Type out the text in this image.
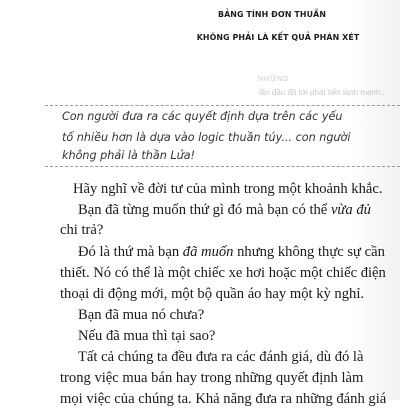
BẢNG TÍNH ĐƠN THUẦN
KHÔNG PHẢI LÀ KẾT QUẢ PHÁN XÉT
NHỮNG
lần đầu đã tới phát tiến lành mạnh...
Con người đưa ra các quyết định dựa trên các yếu
tố nhiều hơn là dựa vào logic thuần túy... con người
không phải là thần Lửa!
Hãy nghĩ về đời tư của mình trong một khoảnh khắc.
Bạn đã từng muốn thứ gì đó mà bạn có thể vừa đủ
chi trả?
Đó là thứ mà bạn đã muốn nhưng không thực sự cần
thiết. Nó có thể là một chiếc xe hơi hoặc một chiếc điện
thoại di động mới, một bộ quần áo hay một kỳ nghỉ.
Bạn đã mua nó chưa?
Nếu đã mua thì tại sao?
Tất cả chúng ta đều đưa ra các đánh giá, dù đó là
trong việc mua bán hay trong những quyết định làm
mọi việc của chúng ta. Khả năng đưa ra những đánh giá
